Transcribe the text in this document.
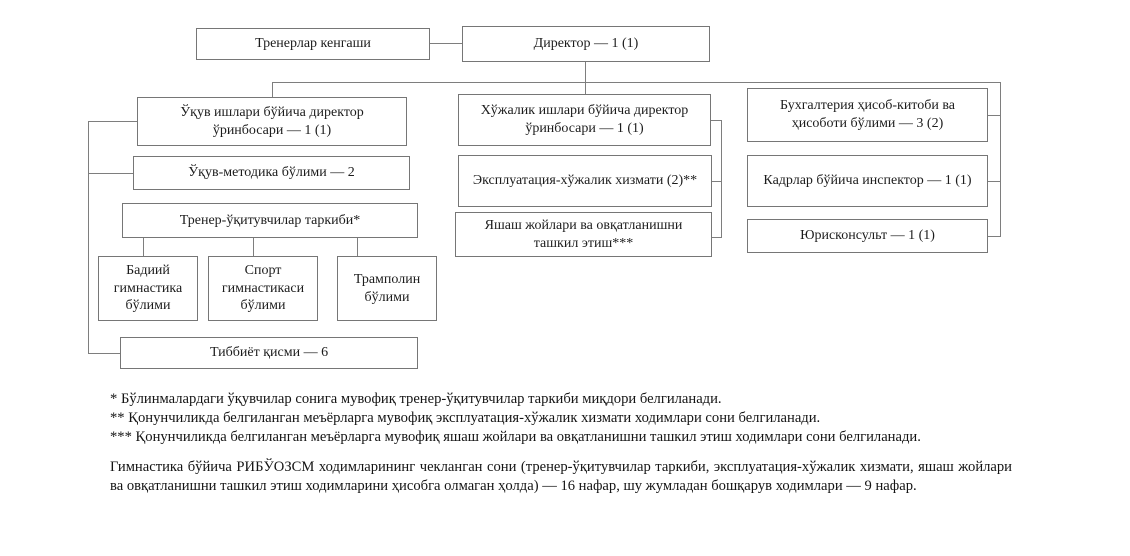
Тренерлар кенгаши	Директор — 1 (1)
Ўқув ишлари бўйича директор ўринбосари — 1 (1)
Хўжалик ишлари бўйича директор ўринбосари — 1 (1)
Бухгалтерия ҳисоб-китоби ва ҳисоботи бўлими — 3 (2)
Ўқув-методика бўлими — 2
Тренер-ўқитувчилар таркиби*
Эксплуатация-хўжалик хизмати (2)**	Кадрлар бўйича инспектор — 1 (1)
Яшаш жойлари ва овқатланишни ташкил этиш***	Юрисконсульт — 1 (1)
Бадиий гимнастика бўлими
Спорт гимнастикаси бўлими
Трамполин бўлими
Тиббиёт қисми — 6

* Бўлинмалардаги ўқувчилар сонига мувофиқ тренер-ўқитувчилар таркиби миқдори белгиланади.

** Қонунчиликда белгиланган меъёрларга мувофиқ эксплуатация-хўжалик хизмати ходимлари сони белгиланади.

*** Қонунчиликда белгиланган меъёрларга мувофиқ яшаш жойлари ва овқатланишни ташкил этиш ходимлари сони белгиланади.

Гимнастика бўйича РИБЎОЗСМ ходимларининг чекланган сони (тренер-ўқитувчилар таркиби, эксплуатация-хўжалик хизмати, яшаш жойлари ва овқатланишни ташкил этиш ходимларини ҳисобга олмаган ҳолда) — 16 нафар, шу жумладан бошқарув ходимлари — 9 нафар.
